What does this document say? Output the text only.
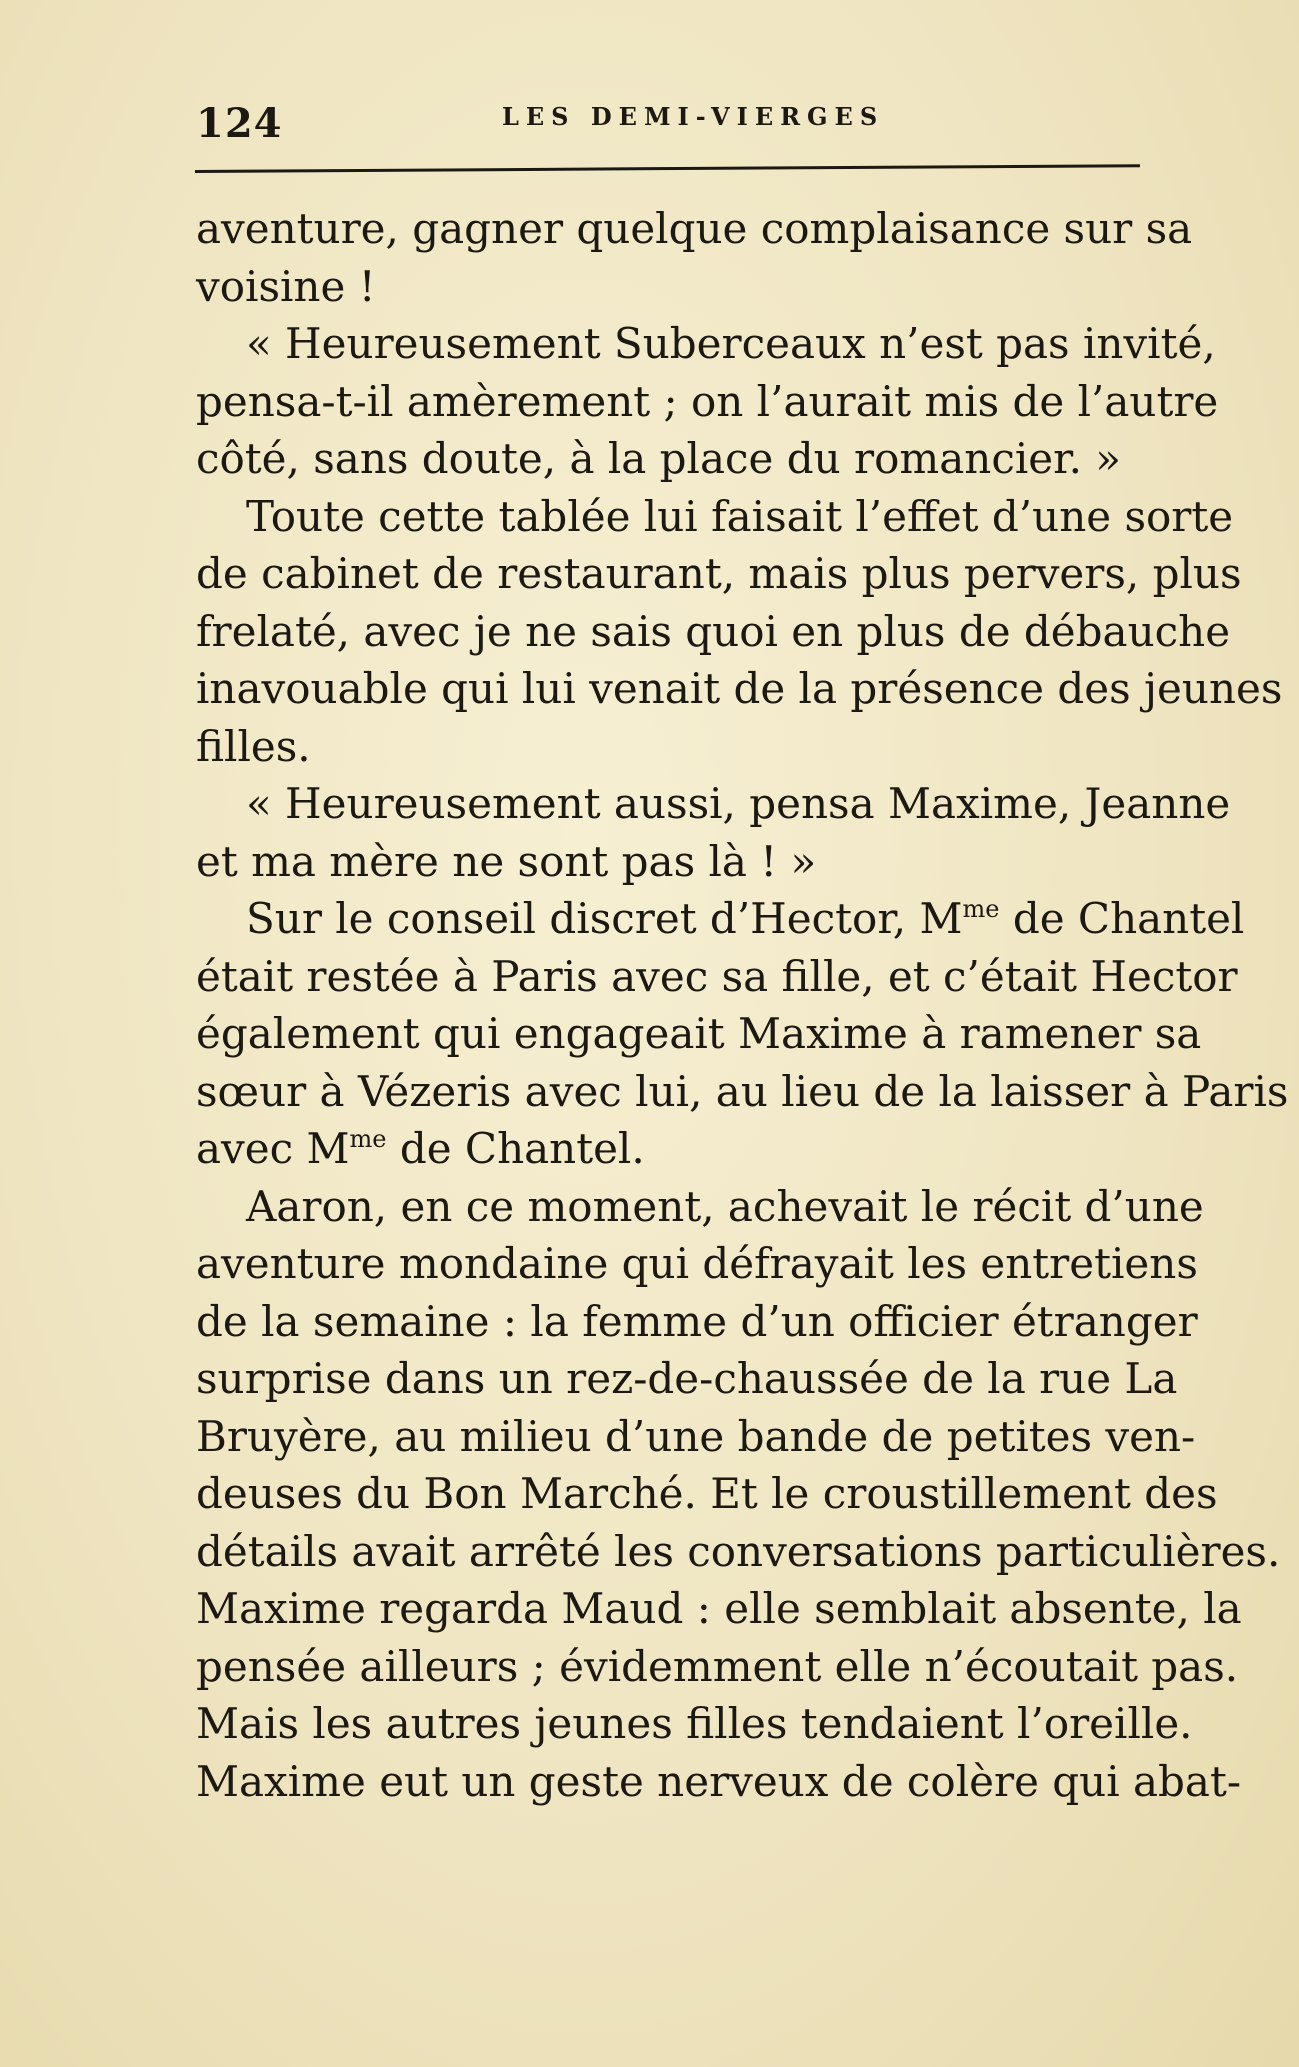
124	LES DEMI-VIERGES
aventure, gagner quelque complaisance sur sa
voisine !
« Heureusement Suberceaux n’est pas invité,
pensa-t-il amèrement ; on l’aurait mis de l’autre
côté, sans doute, à la place du romancier. »
Toute cette tablée lui faisait l’effet d’une sorte
de cabinet de restaurant, mais plus pervers, plus
frelaté, avec je ne sais quoi en plus de débauche
inavouable qui lui venait de la présence des jeunes
filles.
« Heureusement aussi, pensa Maxime, Jeanne
et ma mère ne sont pas là ! »
Sur le conseil discret d’Hector, $M^{me}$ de Chantel
était restée à Paris avec sa fille, et c’était Hector
également qui engageait Maxime à ramener sa
sœur à Vézeris avec lui, au lieu de la laisser à Paris
avec $M^{me}$ de Chantel.
Aaron, en ce moment, achevait le récit d’une
aventure mondaine qui défrayait les entretiens
de la semaine : la femme d’un officier étranger
surprise dans un rez-de-chaussée de la rue La
Bruyère, au milieu d’une bande de petites ven-
deuses du Bon Marché. Et le croustillement des
détails avait arrêté les conversations particulières.
Maxime regarda Maud : elle semblait absente, la
pensée ailleurs ; évidemment elle n’écoutait pas.
Mais les autres jeunes filles tendaient l’oreille.
Maxime eut un geste nerveux de colère qui abat-
